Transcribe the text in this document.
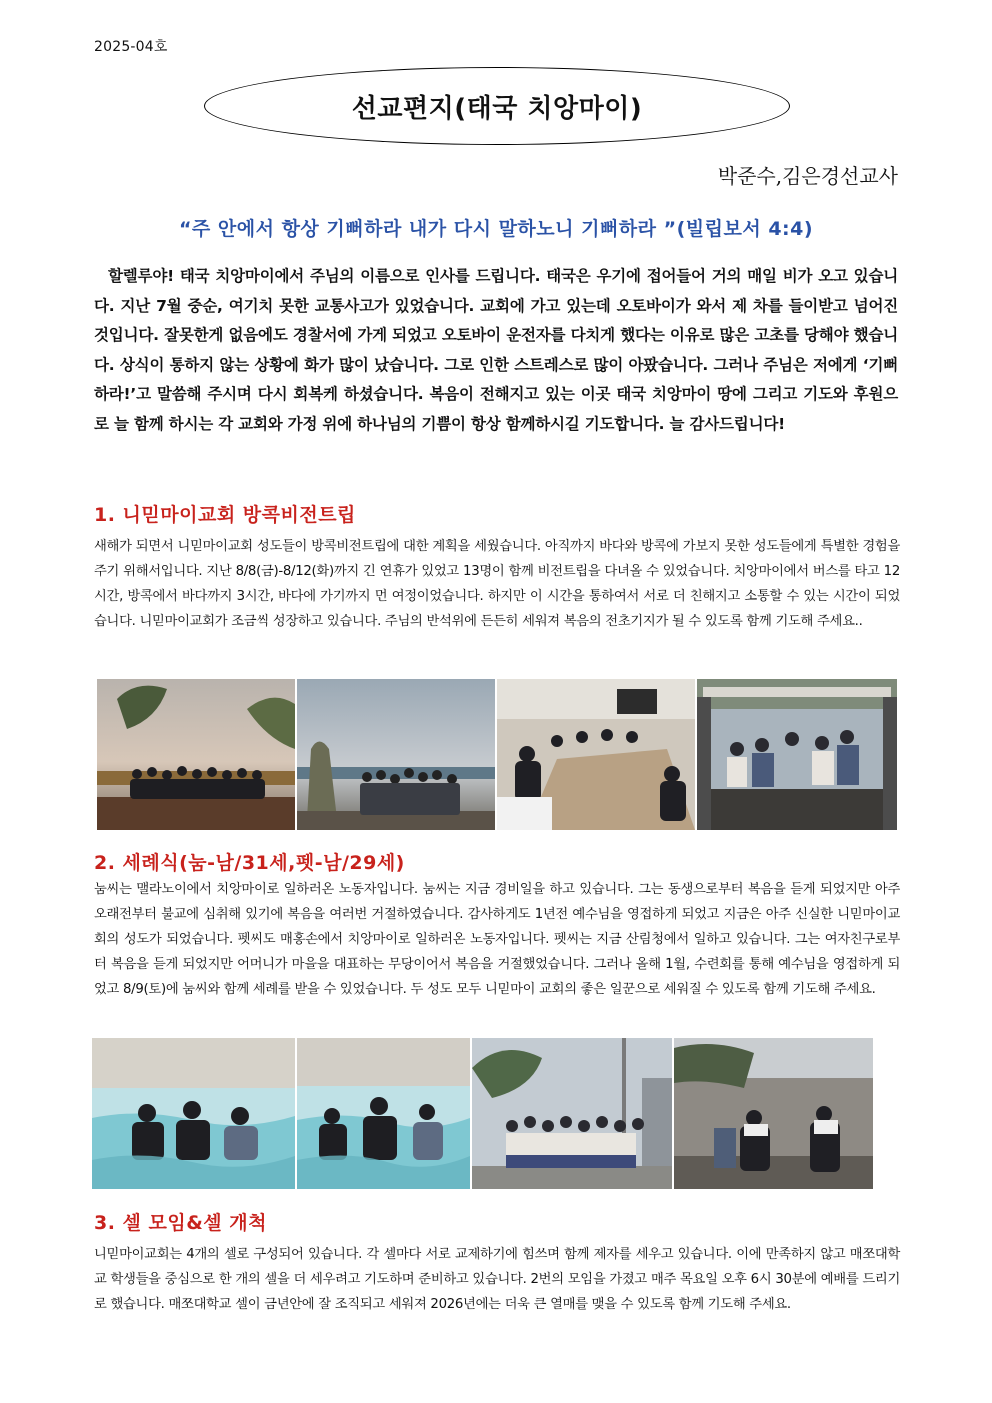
2025-04호
선교편지(태국 치앙마이)
박준수,김은경선교사
“주 안에서 항상 기뻐하라 내가 다시 말하노니 기뻐하라 ”(빌립보서 4:4)

할렐루야! 태국 치앙마이에서 주님의 이름으로 인사를 드립니다. 태국은 우기에 접어들어 거의 매일 비가 오고 있습니다. 지난 7월 중순, 여기치 못한 교통사고가 있었습니다. 교회에 가고 있는데 오토바이가 와서 제 차를 들이받고 넘어진 것입니다. 잘못한게 없음에도 경찰서에 가게 되었고 오토바이 운전자를 다치게 했다는 이유로 많은 고초를 당해야 했습니다. 상식이 통하지 않는 상황에 화가 많이 났습니다. 그로 인한 스트레스로 많이 아팠습니다. 그러나 주님은 저에게 ‘기뻐하라!’고 말씀해 주시며 다시 회복케 하셨습니다. 복음이 전해지고 있는 이곳 태국 치앙마이 땅에 그리고 기도와 후원으로 늘 함께 하시는 각 교회와 가정 위에 하나님의 기쁨이 항상 함께하시길 기도합니다. 늘 감사드립니다!

1. 니믿마이교회 방콕비전트립

새해가 되면서 니믿마이교회 성도들이 방콕비전트립에 대한 계획을 세웠습니다. 아직까지 바다와 방콕에 가보지 못한 성도들에게 특별한 경험을 주기 위해서입니다. 지난 8/8(금)-8/12(화)까지 긴 연휴가 있었고 13명이 함께 비전트립을 다녀올 수 있었습니다. 치앙마이에서 버스를 타고 12시간, 방콕에서 바다까지 3시간, 바다에 가기까지 먼 여정이었습니다. 하지만 이 시간을 통하여서 서로 더 친해지고 소통할 수 있는 시간이 되었습니다. 니믿마이교회가 조금씩 성장하고 있습니다. 주님의 반석위에 든든히 세워져 복음의 전초기지가 될 수 있도록 함께 기도해 주세요..

2. 세례식(눔-남/31세,펫-남/29세)

눔씨는 맬라노이에서 치앙마이로 일하러온 노동자입니다. 눔씨는 지금 경비일을 하고 있습니다. 그는 동생으로부터 복음을 듣게 되었지만 아주 오래전부터 불교에 심취해 있기에 복음을 여러번 거절하였습니다. 감사하게도 1년전 예수님을 영접하게 되었고 지금은 아주 신실한 니믿마이교회의 성도가 되었습니다. 펫씨도 매홍손에서 치앙마이로 일하러온 노동자입니다. 펫씨는 지금 산림청에서 일하고 있습니다. 그는 여자친구로부터 복음을 듣게 되었지만 어머니가 마을을 대표하는 무당이어서 복음을 거절했었습니다. 그러나 올해 1월, 수련회를 통해 예수님을 영접하게 되었고 8/9(토)에 눔씨와 함께 세례를 받을 수 있었습니다. 두 성도 모두 니믿마이 교회의 좋은 일꾼으로 세워질 수 있도록 함께 기도해 주세요.

3. 셀 모임&셀 개척

니믿마이교회는 4개의 셀로 구성되어 있습니다. 각 셀마다 서로 교제하기에 힘쓰며 함께 제자를 세우고 있습니다. 이에 만족하지 않고 매쪼대학교 학생들을 중심으로 한 개의 셀을 더 세우려고 기도하며 준비하고 있습니다. 2번의 모임을 가졌고 매주 목요일 오후 6시 30분에 예배를 드리기로 했습니다. 매쪼대학교 셀이 금년안에 잘 조직되고 세워져 2026년에는 더욱 큰 열매를 맺을 수 있도록 함께 기도해 주세요.
